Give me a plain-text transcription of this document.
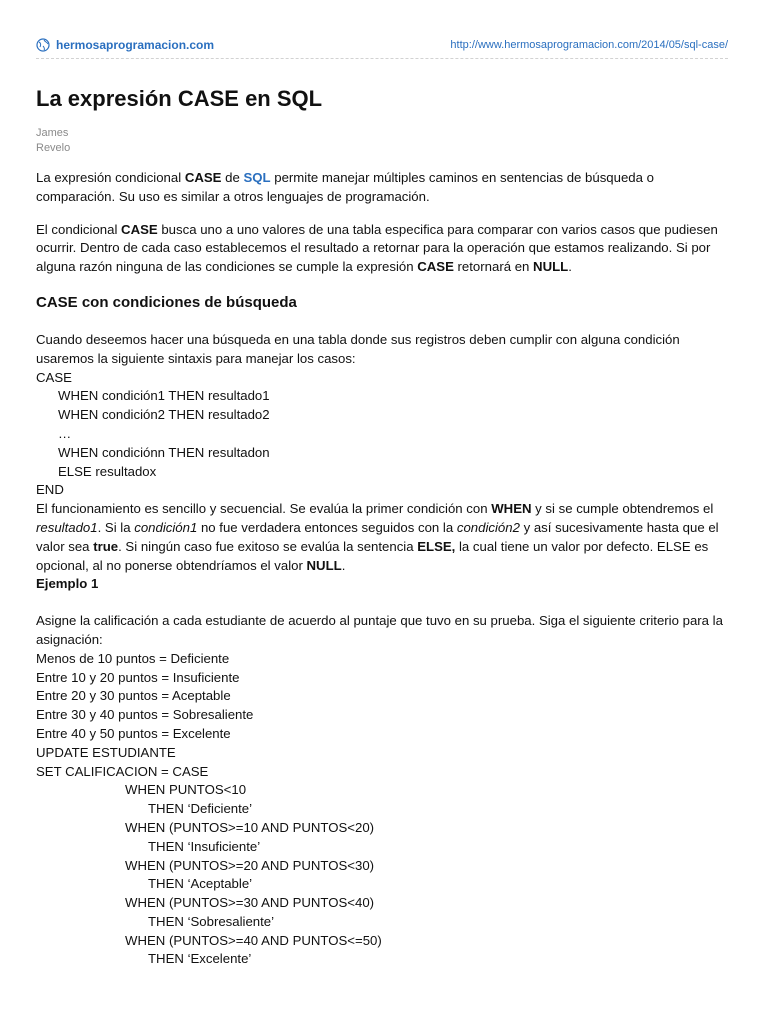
hermosaprogramacion.com	http://www.hermosaprogramacion.com/2014/05/sql-case/
La expresión CASE en SQL
James
Revelo

La expresión condicional CASE de SQL permite manejar múltiples caminos en sentencias de búsqueda o comparación. Su uso es similar a otros lenguajes de programación.

El condicional CASE busca uno a uno valores de una tabla especifica para comparar con varios casos que pudiesen ocurrir. Dentro de cada caso establecemos el resultado a retornar para la operación que estamos realizando. Si por alguna razón ninguna de las condiciones se cumple la expresión CASE retornará en NULL.

CASE con condiciones de búsqueda

Cuando deseemos hacer una búsqueda en una tabla donde sus registros deben cumplir con alguna condición usaremos la siguiente sintaxis para manejar los casos:

CASE
WHEN condición1 THEN resultado1
WHEN condición2 THEN resultado2
…
WHEN condiciónn THEN resultadon
ELSE resultadox
END

El funcionamiento es sencillo y secuencial. Se evalúa la primer condición con WHEN y si se cumple obtendremos el resultado1. Si la condición1 no fue verdadera entonces seguidos con la condición2 y así sucesivamente hasta que el valor sea true. Si ningún caso fue exitoso se evalúa la sentencia ELSE, la cual tiene un valor por defecto. ELSE es opcional, al no ponerse obtendríamos el valor NULL.

Ejemplo 1

Asigne la calificación a cada estudiante de acuerdo al puntaje que tuvo en su prueba. Siga el siguiente criterio para la asignación:

Menos de 10 puntos = Deficiente
Entre 10 y 20 puntos = Insuficiente
Entre 20 y 30 puntos = Aceptable
Entre 30 y 40 puntos = Sobresaliente
Entre 40 y 50 puntos = Excelente
UPDATE ESTUDIANTE
SET CALIFICACION = CASE
WHEN PUNTOS<10
THEN ‘Deficiente’
WHEN (PUNTOS>=10 AND PUNTOS<20)
THEN ‘Insuficiente’
WHEN (PUNTOS>=20 AND PUNTOS<30)
THEN ‘Aceptable’
WHEN (PUNTOS>=30 AND PUNTOS<40)
THEN ‘Sobresaliente’
WHEN (PUNTOS>=40 AND PUNTOS<=50)
THEN ‘Excelente’
